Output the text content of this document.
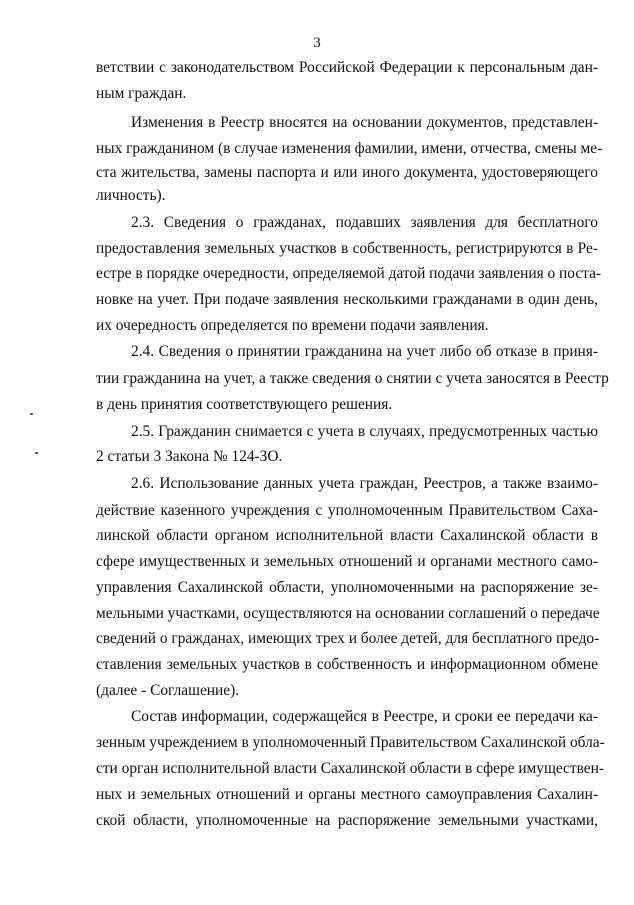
3
ветствии с законодательством Российской Федерации к персональным дан-
ным граждан.
Изменения в Реестр вносятся на основании документов, представлен-
ных гражданином (в случае изменения фамилии, имени, отчества, смены ме-
ста жительства, замены паспорта и или иного документа, удостоверяющего
личность).
2.3. Сведения о гражданах, подавших заявления для бесплатного
предоставления земельных участков в собственность, регистрируются в Ре-
естре в порядке очередности, определяемой датой подачи заявления о поста-
новке на учет. При подаче заявления несколькими гражданами в один день,
их очередность определяется по времени подачи заявления.
2.4. Сведения о принятии гражданина на учет либо об отказе в приня-
тии гражданина на учет, а также сведения о снятии с учета заносятся в Реестр
в день принятия соответствующего решения.
2.5. Гражданин снимается с учета в случаях, предусмотренных частью
2 статьи 3 Закона № 124-ЗО.
2.6. Использование данных учета граждан, Реестров, а также взаимо-
действие казенного учреждения с уполномоченным Правительством Саха-
линской области органом исполнительной власти Сахалинской области в
сфере имущественных и земельных отношений и органами местного само-
управления Сахалинской области, уполномоченными на распоряжение зе-
мельными участками, осуществляются на основании соглашений о передаче
сведений о гражданах, имеющих трех и более детей, для бесплатного предо-
ставления земельных участков в собственность и информационном обмене
(далее - Соглашение).
Состав информации, содержащейся в Реестре, и сроки ее передачи ка-
зенным учреждением в уполномоченный Правительством Сахалинской обла-
сти орган исполнительной власти Сахалинской области в сфере имуществен-
ных и земельных отношений и органы местного самоуправления Сахалин-
ской области, уполномоченные на распоряжение земельными участками,
